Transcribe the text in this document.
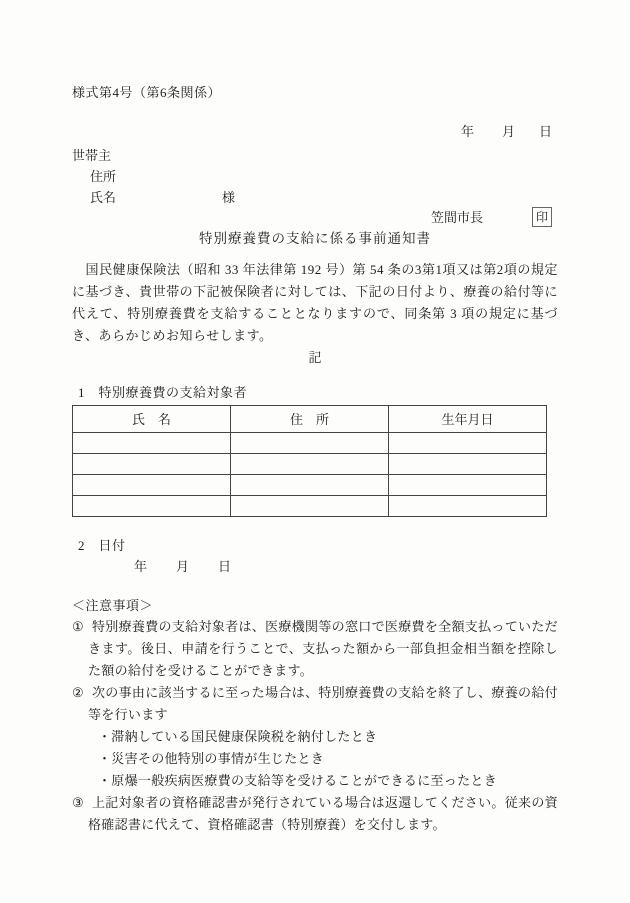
様式第4号（第6条関係）
年 月 日
世帯主
住所
氏名	様
笠間市長	印
特別療養費の支給に係る事前通知書

　国民健康保険法（昭和 33 年法律第 192 号）第 54 条の3第1項又は第2項の規定に基づき、貴世帯の下記被保険者に対しては、下記の日付より、療養の給付等に代えて、特別療養費を支給することとなりますので、同条第 3 項の規定に基づき、あらかじめお知らせします。

記
1　特別療養費の支給対象者
氏　名	住　所	生年月日

2　日付
年 月 日
＜注意事項＞
① 特別療養費の支給対象者は、医療機関等の窓口で医療費を全額支払っていただきます。後日、申請を行うことで、支払った額から一部負担金相当額を控除した額の給付を受けることができます。
② 次の事由に該当するに至った場合は、特別療養費の支給を終了し、療養の給付等を行います
・滞納している国民健康保険税を納付したとき
・災害その他特別の事情が生じたとき
・原爆一般疾病医療費の支給等を受けることができるに至ったとき
③ 上記対象者の資格確認書が発行されている場合は返還してください。従来の資格確認書に代えて、資格確認書（特別療養）を交付します。
